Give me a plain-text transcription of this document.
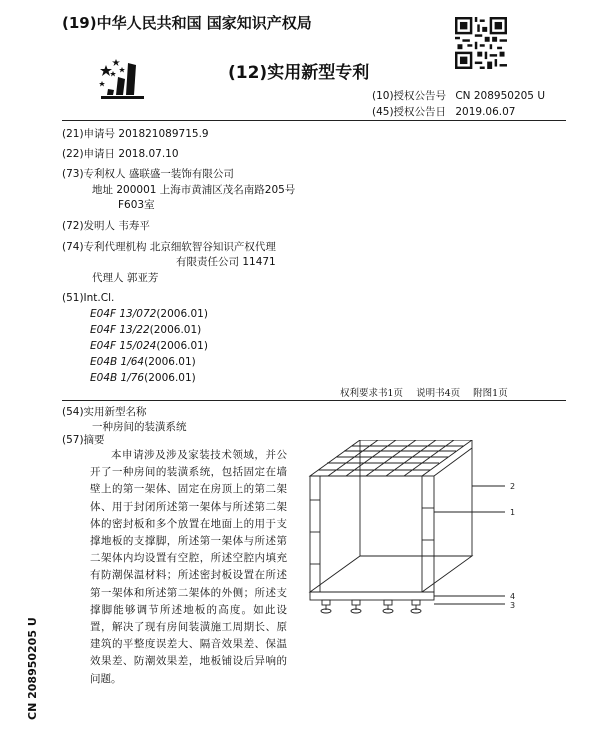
(19)中华人民共和国 国家知识产权局
(12)实用新型专利
(10)授权公告号 CN 208950205 U
(45)授权公告日 2019.06.07
(21)申请号 201821089715.9
(22)申请日 2018.07.10
(73)专利权人 盛联盛一装饰有限公司
地址 200001 上海市黄浦区茂名南路205号
F603室
(72)发明人 韦寿平
(74)专利代理机构 北京细软智谷知识产权代理
有限责任公司 11471
代理人 郭亚芳
(51)Int.Cl.
E04F 13/072(2006.01)
E04F 13/22(2006.01)
E04F 15/024(2006.01)
E04B 1/64(2006.01)
E04B 1/76(2006.01)
权利要求书1页 说明书4页 附图1页
(54)实用新型名称
一种房间的装潢系统
(57)摘要

本申请涉及涉及家装技术领域，并公开了一种房间的装潢系统，包括固定在墙壁上的第一架体、固定在房顶上的第二架体、用于封闭所述第一架体与所述第二架体的密封板和多个放置在地面上的用于支撑地板的支撑脚，所述第一架体与所述第二架体内均设置有空腔，所述空腔内填充有防潮保温材料；所述密封板设置在所述第一架体和所述第二架体的外侧；所述支撑脚能够调节所述地板的高度。如此设置，解决了现有房间装潢施工周期长、原建筑的平整度误差大、隔音效果差、保温效果差、防潮效果差，地板铺设后异响的问题。

2
1
4
3
CN 208950205 U
